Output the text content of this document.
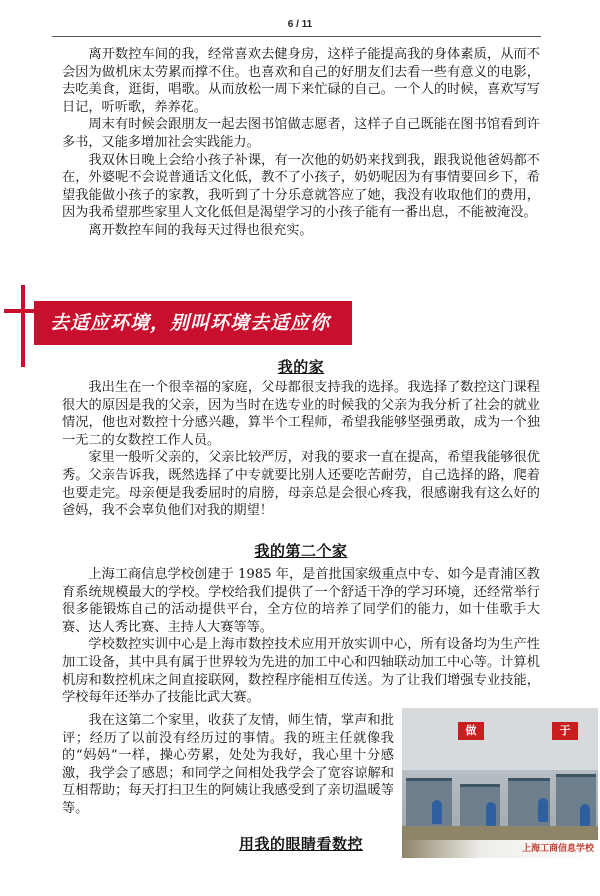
6 / 11

离开数控车间的我，经常喜欢去健身房，这样子能提高我的身体素质，从而不会因为做机床太劳累而撑不住。也喜欢和自己的好朋友们去看一些有意义的电影，去吃美食，逛街，唱歌。从而放松一周下来忙碌的自己。一个人的时候，喜欢写写日记，听听歌，养养花。

周末有时候会跟朋友一起去图书馆做志愿者，这样子自己既能在图书馆看到许多书，又能多增加社会实践能力。

我双休日晚上会给小孩子补课，有一次他的奶奶来找到我，跟我说他爸妈都不在，外婆呢不会说普通话文化低，教不了小孩子，奶奶呢因为有事情要回乡下，希望我能做小孩子的家教，我听到了十分乐意就答应了她，我没有收取他们的费用，因为我希望那些家里人文化低但是渴望学习的小孩子能有一番出息，不能被淹没。

离开数控车间的我每天过得也很充实。

去适应环境，别叫环境去适应你
我的家

我出生在一个很幸福的家庭，父母都很支持我的选择。我选择了数控这门课程很大的原因是我的父亲，因为当时在选专业的时候我的父亲为我分析了社会的就业情况，他也对数控十分感兴趣，算半个工程师，希望我能够坚强勇敢，成为一个独一无二的女数控工作人员。

家里一般听父亲的，父亲比较严厉，对我的要求一直在提高，希望我能够很优秀。父亲告诉我，既然选择了中专就要比别人还要吃苦耐劳，自己选择的路，爬着也要走完。母亲便是我委屈时的肩膀，母亲总是会很心疼我，很感谢我有这么好的爸妈，我不会辜负他们对我的期望！

我的第二个家

上海工商信息学校创建于 1985 年，是首批国家级重点中专、如今是青浦区教育系统规模最大的学校。学校给我们提供了一个舒适干净的学习环境，还经常举行很多能锻炼自己的活动提供平台，全方位的培养了同学们的能力，如十佳歌手大赛、达人秀比赛、主持人大赛等等。

学校数控实训中心是上海市数控技术应用开放实训中心，所有设备均为生产性加工设备，其中具有属于世界较为先进的加工中心和四轴联动加工中心等。计算机机房和数控机床之间直接联网，数控程序能相互传送。为了让我们增强专业技能，学校每年还举办了技能比武大赛。

我在这第二个家里，收获了友情，师生情，掌声和批评；经历了以前没有经历过的事情。我的班主任就像我的“妈妈”一样，操心劳累，处处为我好，我心里十分感激，我学会了感恩；和同学之间相处我学会了宽容谅解和互相帮助；每天打扫卫生的阿姨让我感受到了亲切温暖等等。

用我的眼睛看数控
做	于
上海工商信息学校
